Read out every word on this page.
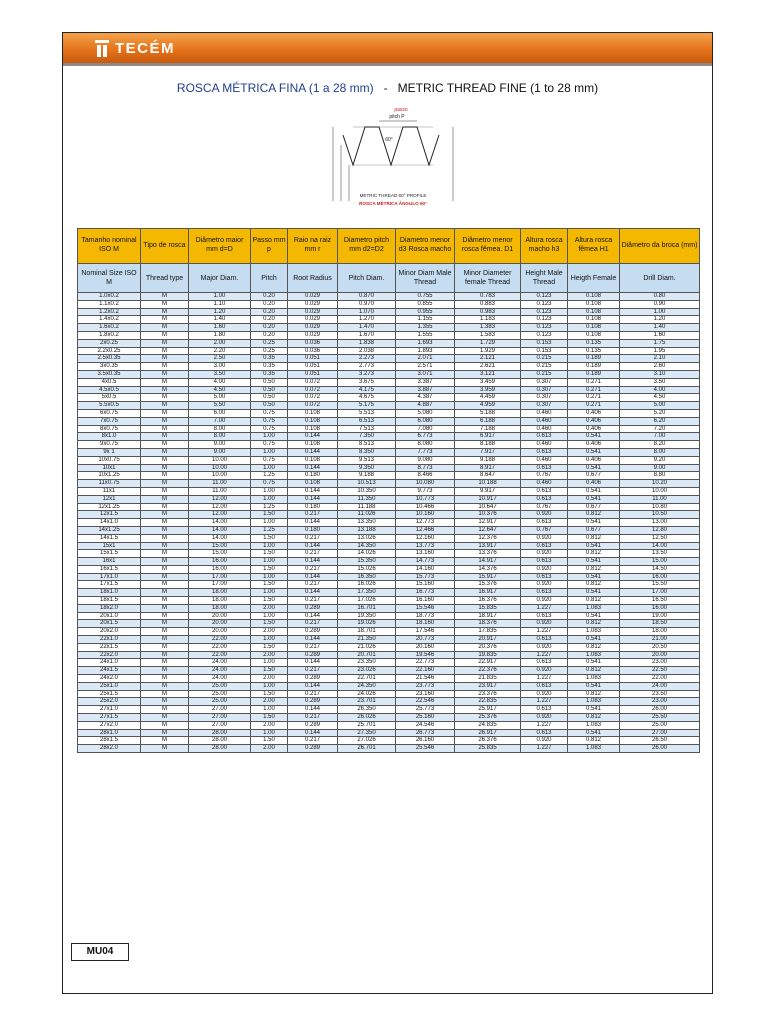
TECÉM
ROSCA MÉTRICA FINA (1 a 28 mm) - METRIC THREAD FINE (1 to 28 mm)
passo
pitch P
60°
METRIC THREAD 60° PROFILE
ROSCA MÉTRICA ÂNGULO 60°
Tamanho nominal ISO M	Tipo de rosca	Diâmetro maior mm d=D	Passo mm p	Raio na raiz mm r	Diametro pitch mm d2=D2	Diametro menor d3 Rosca macho	Diâmetro menor rosca fêmea. D1	Altura rosca macho h3	Altura rosca fêmea H1	Diâmetro da broca (mm)
Nominal Size ISO M	Thread type	Major Diam.	Pitch	Root Radius	Pitch Diam.	Minor Diam Male Thread	Minor Diameter female Thread	Height Male Thread	Heigth Female	Drill Diam.
1.0x0.2	M	1.00	0.20	0.029	0.870	0.755	0.783	0.123	0.108	0.80
1.1x0.2	M	1.10	0.20	0.029	0.970	0.855	0.883	0.123	0.108	0.90
1.2x0.2	M	1.20	0.20	0.029	1.070	0.955	0.983	0.123	0.108	1.00
1.4x0.2	M	1.40	0.20	0.029	1.270	1.155	1.183	0.123	0.108	1.20
1.6x0.2	M	1.60	0.20	0.029	1.470	1.355	1.383	0.123	0.108	1.40
1.8x0.2	M	1.80	0.20	0.029	1.670	1.555	1.583	0.123	0.108	1.60
2x0.25	M	2.00	0.25	0.036	1.838	1.693	1.729	0.153	0.135	1.75
2.2x0.25	M	2.20	0.25	0.036	2.038	1.893	1.929	0.153	0.135	1.95
2.5x0.35	M	2.50	0.35	0.051	2.273	2.071	2.121	0.215	0.189	2.10
3x0.35	M	3.00	0.35	0.051	2.773	2.571	2.621	0.215	0.189	2.60
3.5x0.35	M	3.50	0.35	0.051	3.273	3.071	3.121	0.215	0.189	3.10
4x0.5	M	4.00	0.50	0.072	3.675	3.387	3.459	0.307	0.271	3.50
4.5x0.5	M	4.50	0.50	0.072	4.175	3.887	3.959	0.307	0.271	4.00
5x0.5	M	5.00	0.50	0.072	4.675	4.387	4.459	0.307	0.271	4.50
5.5x0.5	M	5.50	0.50	0.072	5.175	4.887	4.959	0.307	0.271	5.00
6x0.75	M	6.00	0.75	0.108	5.513	5.080	5.188	0.460	0.406	5.20
7x0.75	M	7.00	0.75	0.108	6.513	6.080	6.188	0.460	0.406	6.20
8x0.75	M	8.00	0.75	0.108	7.513	7.080	7.188	0.460	0.406	7.20
8x1.0	M	8.00	1.00	0.144	7.350	6.773	6.917	0.613	0.541	7.00
9x0.75	M	9.00	0.75	0.108	8.513	8.080	8.188	0.460	0.406	8.20
9x 1	M	9.00	1.00	0.144	8.350	7.773	7.917	0.613	0.541	8.00
10x0.75	M	10.00	0.75	0.108	9.513	9.080	9.188	0.460	0.406	9.20
10x1	M	10.00	1.00	0.144	9.350	8.773	8.917	0.613	0.541	9.00
10x1.25	M	10.00	1.25	0.180	9.188	8.466	8.647	0.767	0.677	8.80
11x0.75	M	11.00	0.75	0.108	10.513	10.080	10.188	0.460	0.406	10.20
11x1	M	11.00	1.00	0.144	10.350	9.773	9.917	0.613	0.541	10.00
12x1	M	12.00	1.00	0.144	11.350	10.773	10.917	0.613	0.541	11.00
12x1.25	M	12.00	1.25	0.180	11.188	10.466	10.647	0.767	0.677	10.80
12x1.5	M	12.00	1.50	0.217	11.026	10.160	10.376	0.920	0.812	10.50
14x1.0	M	14.00	1.00	0.144	13.350	12.773	12.917	0.613	0.541	13.00
14x1.25	M	14.00	1.25	0.180	13.188	12.466	12.647	0.767	0.677	12.80
14x1.5	M	14.00	1.50	0.217	13.026	12.160	12.376	0.920	0.812	12.50
15x1	M	15.00	1.00	0.144	14.350	13.773	13.917	0.613	0.541	14.00
15x1.5	M	15.00	1.50	0.217	14.026	13.160	13.376	0.920	0.812	13.50
16x1	M	16.00	1.00	0.144	15.350	14.773	14.917	0.613	0.541	15.00
16x1.5	M	16.00	1.50	0.217	15.026	14.160	14.376	0.920	0.812	14.50
17x1.0	M	17.00	1.00	0.144	16.350	15.773	15.917	0.613	0.541	16.00
17x1.5	M	17.00	1.50	0.217	16.026	15.160	15.376	0.920	0.812	15.50
18x1.0	M	18.00	1.00	0.144	17.350	16.773	16.917	0.613	0.541	17.00
18x1.5	M	18.00	1.50	0.217	17.026	16.160	16.376	0.920	0.812	16.50
18x2.0	M	18.00	2.00	0.289	16.701	15.546	15.835	1.227	1.083	16.00
20x1.0	M	20.00	1.00	0.144	19.350	18.773	18.917	0.613	0.541	19.00
20x1.5	M	20.00	1.50	0.217	19.026	18.160	18.376	0.920	0.812	18.50
20x2.0	M	20.00	2.00	0.289	18.701	17.546	17.835	1.227	1.083	18.00
22x1.0	M	22.00	1.00	0.144	21.350	20.773	20.917	0.613	0.541	21.00
22x1.5	M	22.00	1.50	0.217	21.026	20.160	20.376	0.920	0.812	20.50
22x2.0	M	22.00	2.00	0.289	20.701	19.546	19.835	1.227	1.083	20.00
24x1.0	M	24.00	1.00	0.144	23.350	22.773	22.917	0.613	0.541	23.00
24x1.5	M	24.00	1.50	0.217	23.026	22.160	22.376	0.920	0.812	22.50
24x2.0	M	24.00	2.00	0.289	22.701	21.546	21.835	1.227	1.083	22.00
25x1.0	M	25.00	1.00	0.144	24.350	23.773	23.917	0.613	0.541	24.00
25x1.5	M	25.00	1.50	0.217	24.026	23.160	23.376	0.920	0.812	23.50
25x2.0	M	25.00	2.00	0.289	23.701	22.546	22.835	1.227	1.083	23.00
27x1.0	M	27.00	1.00	0.144	26.350	25.773	25.917	0.613	0.541	26.00
27x1.5	M	27.00	1.50	0.217	26.026	25.160	25.376	0.920	0.812	25.50
27x2.0	M	27.00	2.00	0.289	25.701	24.546	24.835	1.227	1.083	25.00
28x1.0	M	28.00	1.00	0.144	27.350	26.773	26.917	0.613	0.541	27.00
28x1.5	M	28.00	1.50	0.217	27.026	26.160	26.376	0.920	0.812	26.50
28x2.0	M	28.00	2.00	0.289	26.701	25.546	25.835	1.227	1.083	26.00
MU04
